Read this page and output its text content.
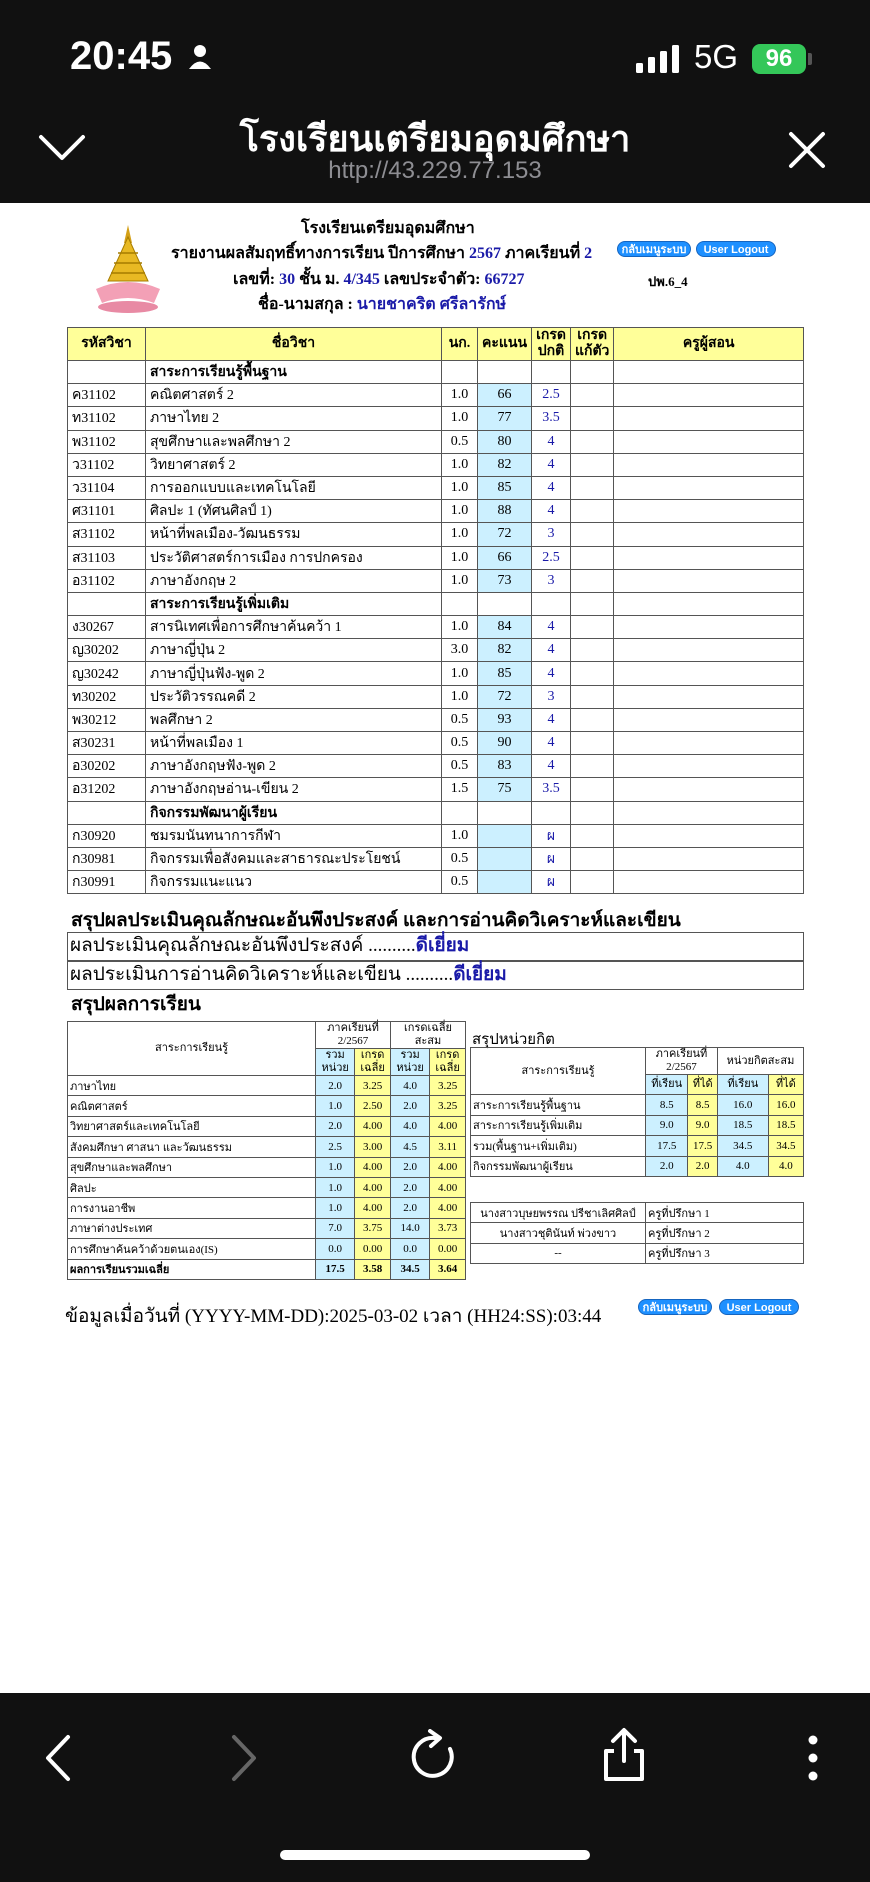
20:45	5G	96
โรงเรียนเตรียมอุดมศึกษา
http://43.229.77.153
โรงเรียนเตรียมอุดมศึกษา
รายงานผลสัมฤทธิ์ทางการเรียน ปีการศึกษา 2567 ภาคเรียนที่ 2
เลขที่: 30 ชั้น ม. 4/345 เลขประจำตัว: 66727	ปพ.6_4
ชื่อ-นามสกุล : นายชาคริต ศรีลารักษ์
กลับเมนูระบบ	User Logout
รหัสวิชา	ชื่อวิชา	นก.	คะแนน	เกรด
ปกติ	เกรด
แก้ตัว	ครูผู้สอน
	สาระการเรียนรู้พื้นฐาน					
ค31102	คณิตศาสตร์ 2	1.0	66	2.5		
ท31102	ภาษาไทย 2	1.0	77	3.5		
พ31102	สุขศึกษาและพลศึกษา 2	0.5	80	4		
ว31102	วิทยาศาสตร์ 2	1.0	82	4		
ว31104	การออกแบบและเทคโนโลยี	1.0	85	4		
ศ31101	ศิลปะ 1 (ทัศนศิลป์ 1)	1.0	88	4		
ส31102	หน้าที่พลเมือง-วัฒนธรรม	1.0	72	3		
ส31103	ประวัติศาสตร์การเมือง การปกครอง	1.0	66	2.5		
อ31102	ภาษาอังกฤษ 2	1.0	73	3		
	สาระการเรียนรู้เพิ่มเติม					
ง30267	สารนิเทศเพื่อการศึกษาค้นคว้า 1	1.0	84	4		
ญ30202	ภาษาญี่ปุ่น 2	3.0	82	4		
ญ30242	ภาษาญี่ปุ่นฟัง-พูด 2	1.0	85	4		
ท30202	ประวัติวรรณคดี 2	1.0	72	3		
พ30212	พลศึกษา 2	0.5	93	4		
ส30231	หน้าที่พลเมือง 1	0.5	90	4		
อ30202	ภาษาอังกฤษฟัง-พูด 2	0.5	83	4		
อ31202	ภาษาอังกฤษอ่าน-เขียน 2	1.5	75	3.5		
	กิจกรรมพัฒนาผู้เรียน					
ก30920	ชมรมนันทนาการกีฬา	1.0		ผ		
ก30981	กิจกรรมเพื่อสังคมและสาธารณะประโยชน์	0.5		ผ		
ก30991	กิจกรรมแนะแนว	0.5		ผ		
สรุปผลประเมินคุณลักษณะอันพึงประสงค์ และการอ่านคิดวิเคราะห์และเขียน
ผลประเมินคุณลักษณะอันพึงประสงค์ ..........ดีเยี่ยม
ผลประเมินการอ่านคิดวิเคราะห์และเขียน ..........ดีเยี่ยม
สรุปผลการเรียน
สาระการเรียนรู้	ภาคเรียนที่
2/2567		เกรดเฉลี่ย
สะสม	
	รวม
หน่วย	เกรด
เฉลี่ย	รวม
หน่วย	เกรด
เฉลี่ย
ภาษาไทย	2.0	3.25	4.0	3.25
คณิตศาสตร์	1.0	2.50	2.0	3.25
วิทยาศาสตร์และเทคโนโลยี	2.0	4.00	4.0	4.00
สังคมศึกษา ศาสนา และวัฒนธรรม	2.5	3.00	4.5	3.11
สุขศึกษาและพลศึกษา	1.0	4.00	2.0	4.00
ศิลปะ	1.0	4.00	2.0	4.00
การงานอาชีพ	1.0	4.00	2.0	4.00
ภาษาต่างประเทศ	7.0	3.75	14.0	3.73
การศึกษาค้นคว้าด้วยตนเอง(IS)	0.0	0.00	0.0	0.00
ผลการเรียนรวมเฉลี่ย	17.5	3.58	34.5	3.64
สรุปหน่วยกิต
สาระการเรียนรู้	ภาคเรียนที่
2/2567		หน่วยกิตสะสม	
	ที่เรียน	ที่ได้	ที่เรียน	ที่ได้
สาระการเรียนรู้พื้นฐาน	8.5	8.5	16.0	16.0
สาระการเรียนรู้เพิ่มเติม	9.0	9.0	18.5	18.5
รวม(พื้นฐาน+เพิ่มเติม)	17.5	17.5	34.5	34.5
กิจกรรมพัฒนาผู้เรียน	2.0	2.0	4.0	4.0
นางสาวบุษยพรรณ ปรีชาเลิศศิลป์	ครูที่ปรึกษา 1
นางสาวชุตินันท์ พ่วงขาว	ครูที่ปรึกษา 2
--	ครูที่ปรึกษา 3
ข้อมูลเมื่อวันที่ (YYYY-MM-DD):2025-03-02 เวลา (HH24:SS):03:44	กลับเมนูระบบ	User Logout
